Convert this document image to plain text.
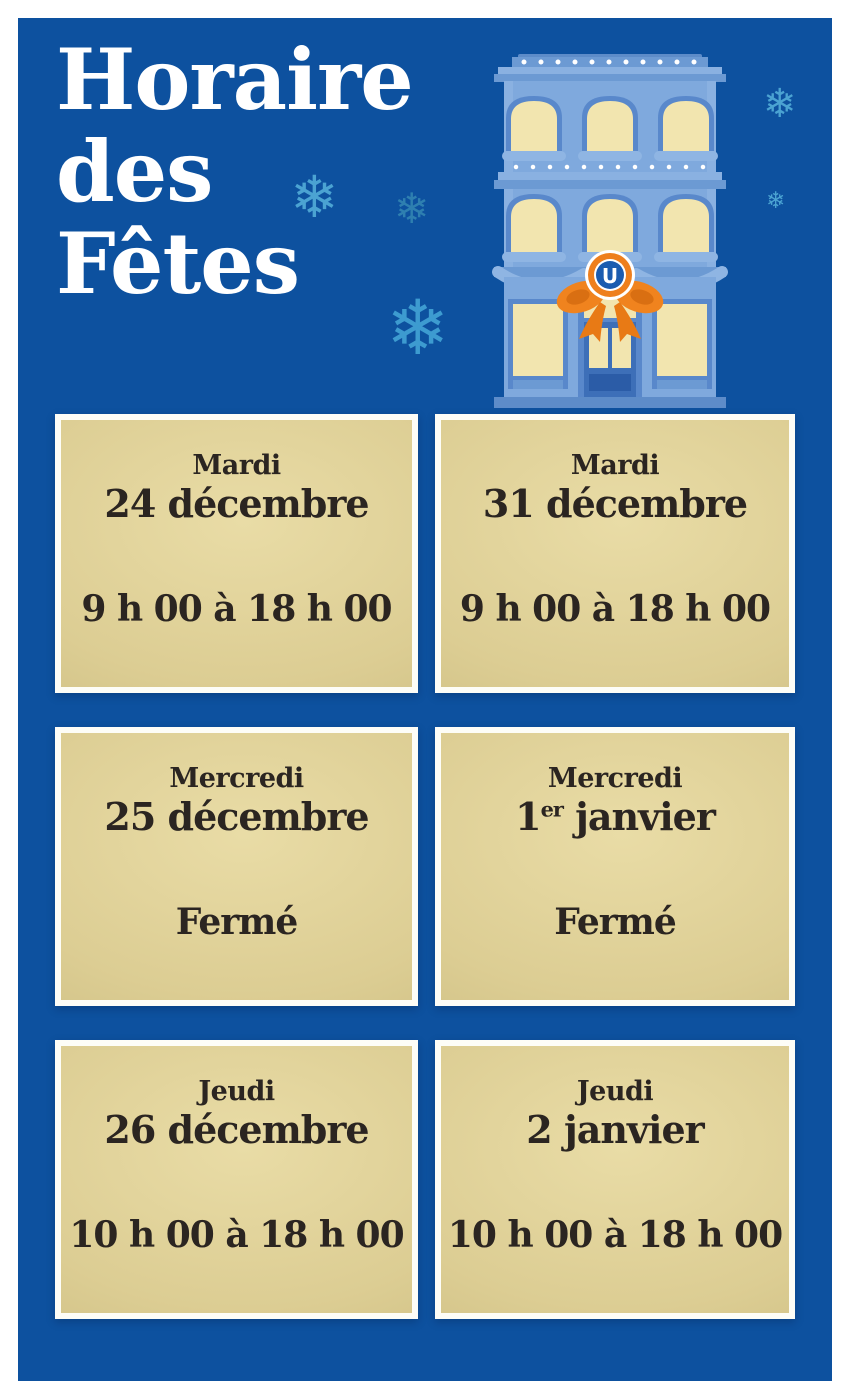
Horaire
des
Fêtes
❄ ❄
❄
❄
❄
U
Mardi
24 décembre
9 h 00 à 18 h 00
Mardi
31 décembre
9 h 00 à 18 h 00
Mercredi
25 décembre
Fermé
Mercredi
1er janvier
Fermé
Jeudi
26 décembre
10 h 00 à 18 h 00
Jeudi
2 janvier
10 h 00 à 18 h 00
